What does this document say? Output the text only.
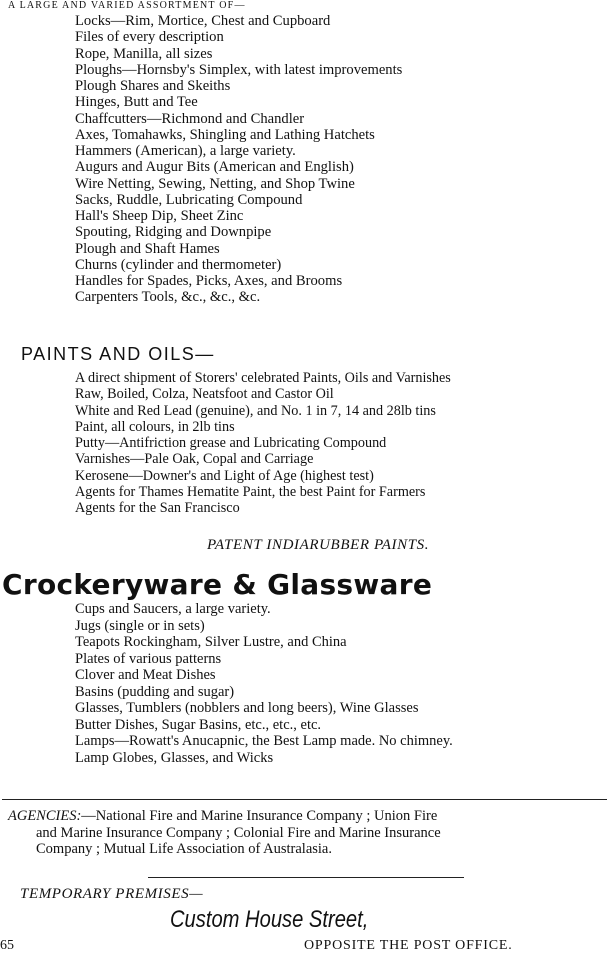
A LARGE AND VARIED ASSORTMENT OF—
Locks—Rim, Mortice, Chest and Cupboard
Files of every description
Rope, Manilla, all sizes
Ploughs—Hornsby's Simplex, with latest improvements
Plough Shares and Skeiths
Hinges, Butt and Tee
Chaffcutters—Richmond and Chandler
Axes, Tomahawks, Shingling and Lathing Hatchets
Hammers (American), a large variety.
Augurs and Augur Bits (American and English)
Wire Netting, Sewing, Netting, and Shop Twine
Sacks, Ruddle, Lubricating Compound
Hall's Sheep Dip, Sheet Zinc
Spouting, Ridging and Downpipe
Plough and Shaft Hames
Churns (cylinder and thermometer)
Handles for Spades, Picks, Axes, and Brooms
Carpenters Tools, &c., &c., &c.
PAINTS AND OILS—
A direct shipment of Storers' celebrated Paints, Oils and Varnishes
Raw, Boiled, Colza, Neatsfoot and Castor Oil
White and Red Lead (genuine), and No. 1 in 7, 14 and 28lb tins
Paint, all colours, in 2lb tins
Putty—Antifriction grease and Lubricating Compound
Varnishes—Pale Oak, Copal and Carriage
Kerosene—Downer's and Light of Age (highest test)
Agents for Thames Hematite Paint, the best Paint for Farmers
Agents for the San Francisco
PATENT INDIARUBBER PAINTS.
Crockeryware & Glassware
Cups and Saucers, a large variety.
Jugs (single or in sets)
Teapots Rockingham, Silver Lustre, and China
Plates of various patterns
Clover and Meat Dishes
Basins (pudding and sugar)
Glasses, Tumblers (nobblers and long beers), Wine Glasses
Butter Dishes, Sugar Basins, etc., etc., etc.
Lamps—Rowatt's Anucapnic, the Best Lamp made. No chimney.
Lamp Globes, Glasses, and Wicks

AGENCIES:—National Fire and Marine Insurance Company ; Union Fire

and Marine Insurance Company ; Colonial Fire and Marine Insurance

Company ; Mutual Life Association of Australasia.

TEMPORARY PREMISES—
Custom House Street,
65	OPPOSITE THE POST OFFICE.
